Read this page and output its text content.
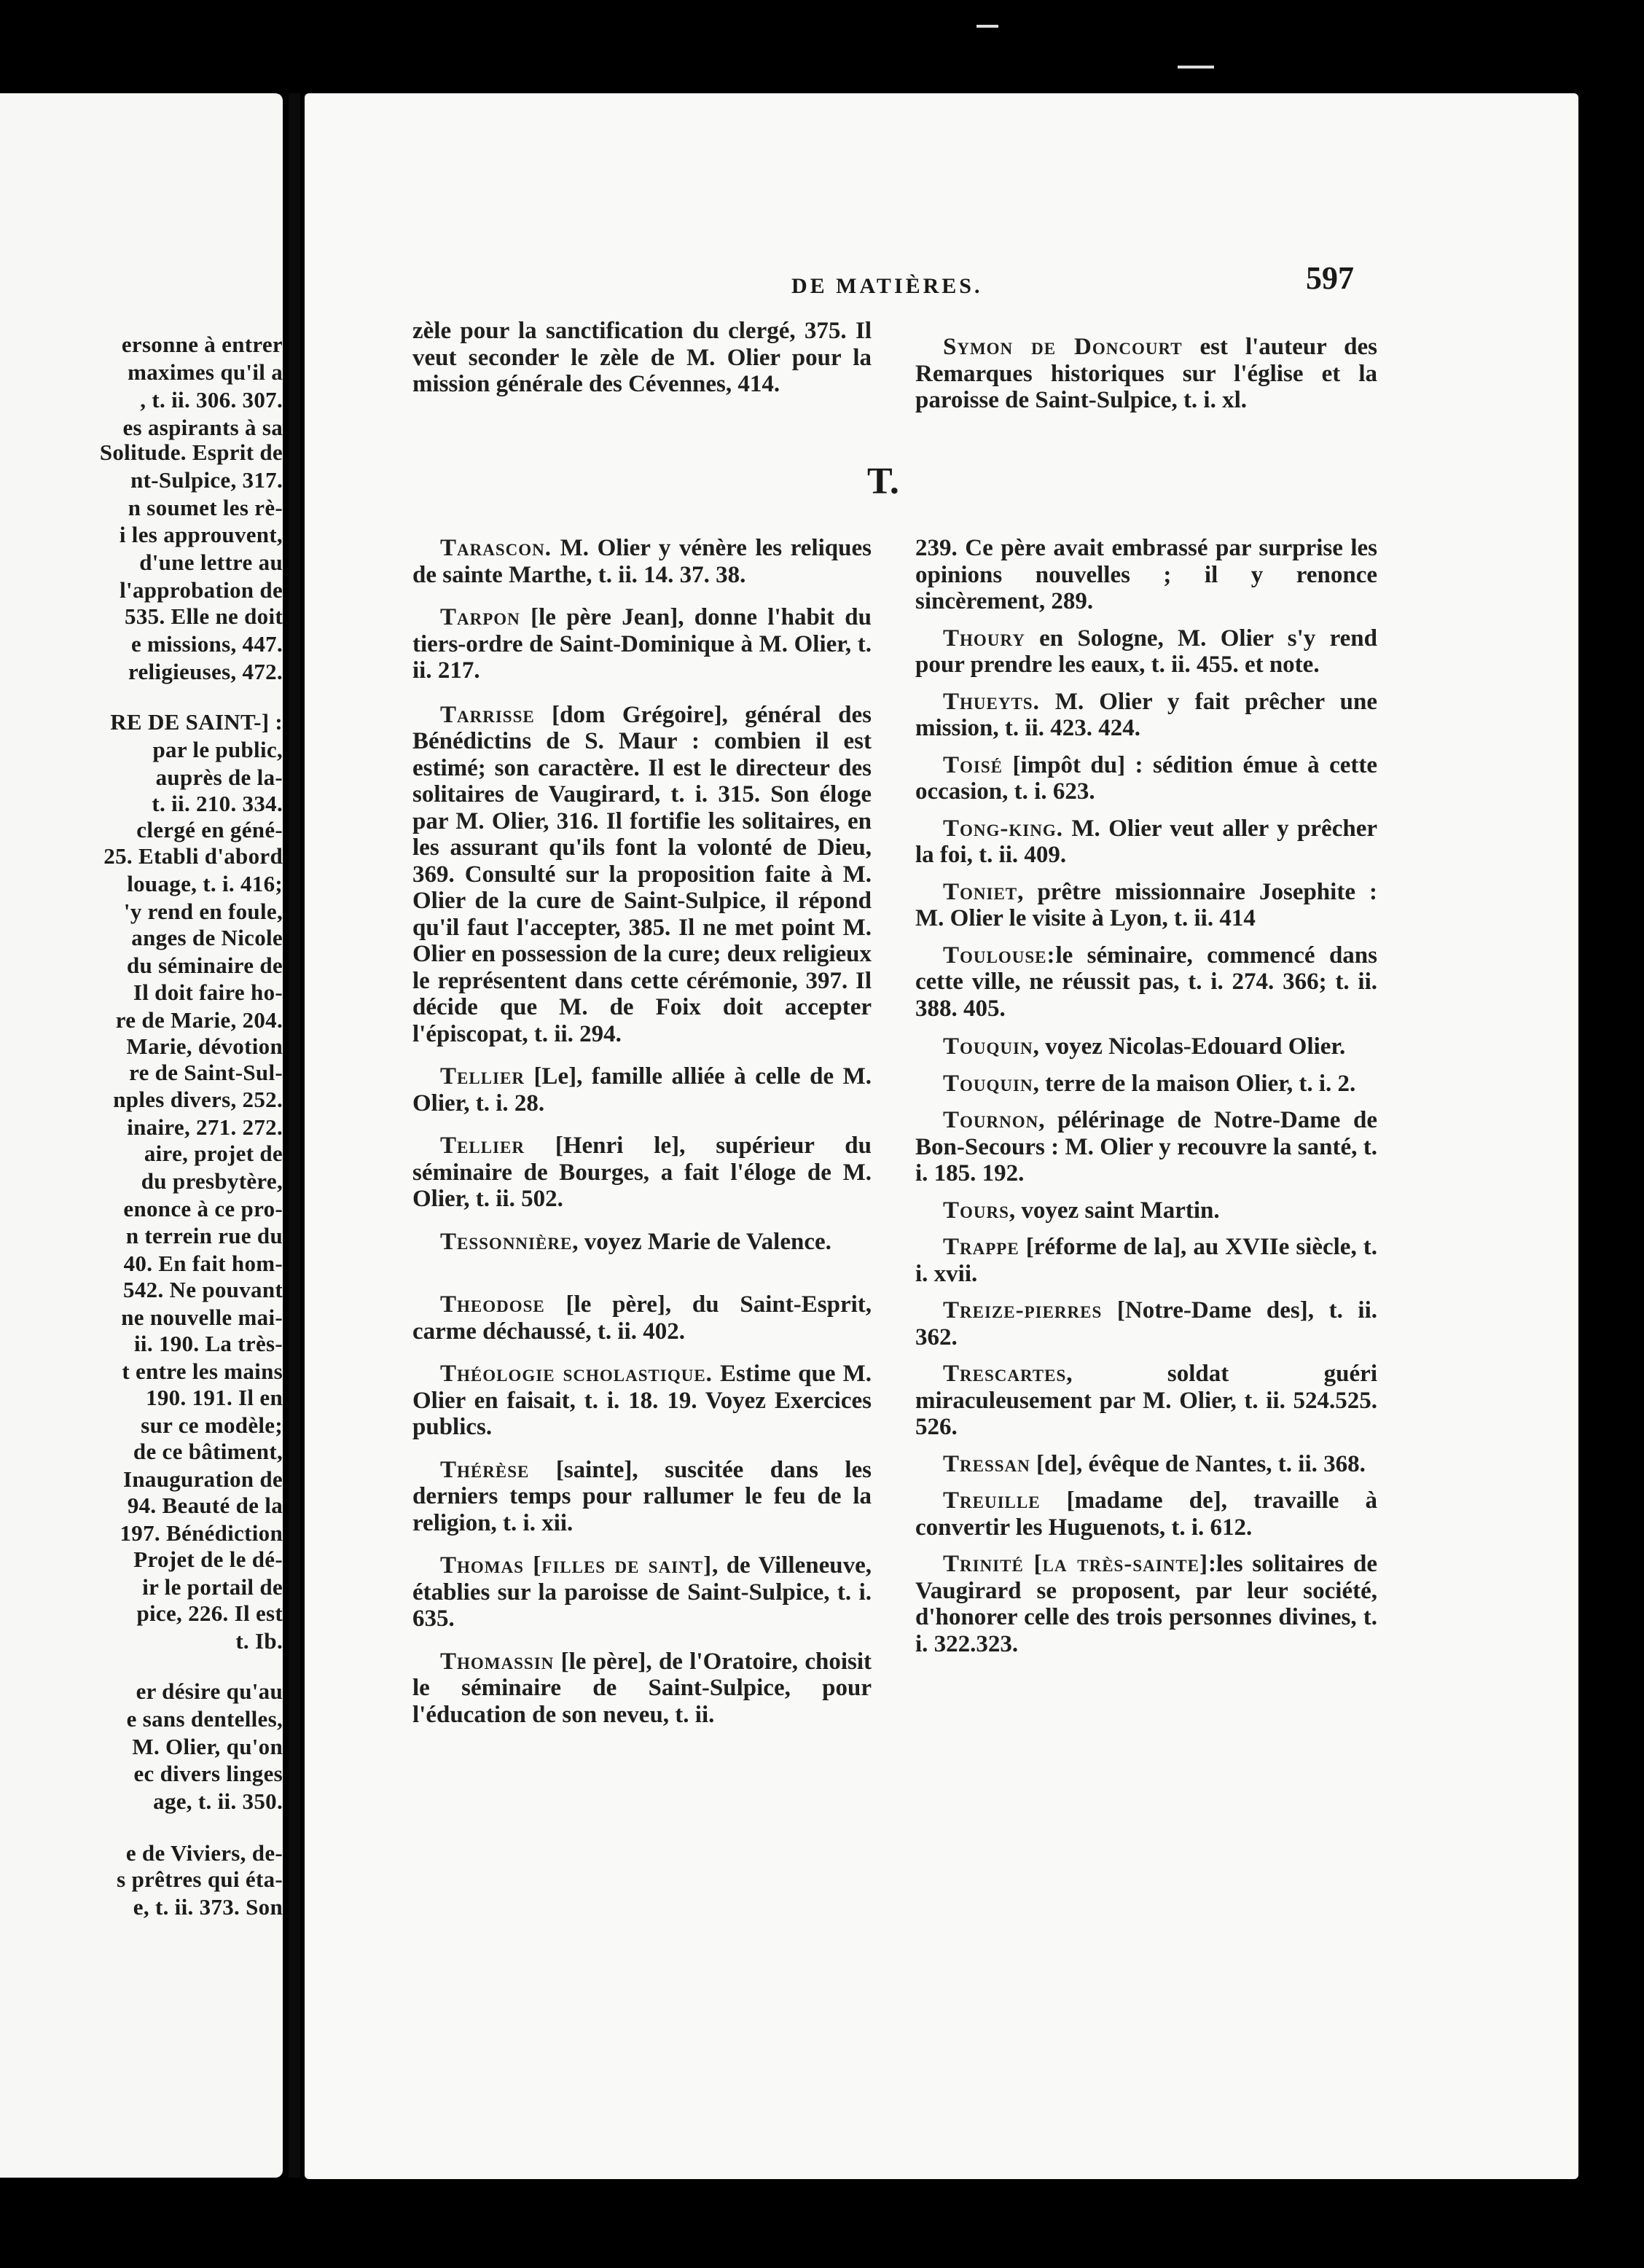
ersonne à entrer
maximes qu'il a
, t. ii. 306. 307.
es aspirants à sa
Solitude. Esprit de
nt-Sulpice, 317.
n soumet les rè-
i les approuvent,
d'une lettre au
l'approbation de
535. Elle ne doit
e missions, 447.
religieuses, 472.
RE DE SAINT-] :
par le public,
auprès de la-
t. ii. 210. 334.
clergé en géné-
25. Etabli d'abord
louage, t. i. 416;
'y rend en foule,
anges de Nicole
du séminaire de
Il doit faire ho-
re de Marie, 204.
Marie, dévotion
re de Saint-Sul-
nples divers, 252.
inaire, 271. 272.
aire, projet de
du presbytère,
enonce à ce pro-
n terrein rue du
40. En fait hom-
542. Ne pouvant
ne nouvelle mai-
ii. 190. La très-
t entre les mains
190. 191. Il en
sur ce modèle;
de ce bâtiment,
Inauguration de
94. Beauté de la
197. Bénédiction
Projet de le dé-
ir le portail de
pice, 226. Il est
t. Ib.
er désire qu'au
e sans dentelles,
M. Olier, qu'on
ec divers linges
age, t. ii. 350.
e de Viviers, de-
s prêtres qui éta-
e, t. ii. 373. Son
DE MATIÈRES.	597

zèle pour la sanctification du clergé, 375. Il veut seconder le zèle de M. Olier pour la mission générale des Cévennes, 414.

Symon de Doncourt est l'auteur des Remarques historiques sur l'église et la paroisse de Saint-Sulpice, t. i. xl.

T.

Tarascon. M. Olier y vénère les reliques de sainte Marthe, t. ii. 14. 37. 38.

Tarpon [le père Jean], donne l'habit du tiers-ordre de Saint-Dominique à M. Olier, t. ii. 217.

Tarrisse [dom Grégoire], général des Bénédictins de S. Maur : combien il est estimé; son caractère. Il est le directeur des solitaires de Vaugirard, t. i. 315. Son éloge par M. Olier, 316. Il fortifie les solitaires, en les assurant qu'ils font la volonté de Dieu, 369. Consulté sur la proposition faite à M. Olier de la cure de Saint-Sulpice, il répond qu'il faut l'accepter, 385. Il ne met point M. Olier en possession de la cure; deux religieux le représentent dans cette cérémonie, 397. Il décide que M. de Foix doit accepter l'épiscopat, t. ii. 294.

Tellier [Le], famille alliée à celle de M. Olier, t. i. 28.

Tellier [Henri le], supérieur du séminaire de Bourges, a fait l'éloge de M. Olier, t. ii. 502.

Tessonnière, voyez Marie de Valence.

Theodose [le père], du Saint-Esprit, carme déchaussé, t. ii. 402.

Théologie scholastique. Estime que M. Olier en faisait, t. i. 18. 19. Voyez Exercices publics.

Thérèse [sainte], suscitée dans les derniers temps pour rallumer le feu de la religion, t. i. xii.

Thomas [filles de saint], de Villeneuve, établies sur la paroisse de Saint-Sulpice, t. i. 635.

Thomassin [le père], de l'Oratoire, choisit le séminaire de Saint-Sulpice, pour l'éducation de son neveu, t. ii.

239. Ce père avait embrassé par surprise les opinions nouvelles ; il y renonce sincèrement, 289.

Thoury en Sologne, M. Olier s'y rend pour prendre les eaux, t. ii. 455. et note.

Thueyts. M. Olier y fait prêcher une mission, t. ii. 423. 424.

Toisé [impôt du] : sédition émue à cette occasion, t. i. 623.

Tong-king. M. Olier veut aller y prêcher la foi, t. ii. 409.

Toniet, prêtre missionnaire Josephite : M. Olier le visite à Lyon, t. ii. 414

Toulouse:le séminaire, commencé dans cette ville, ne réussit pas, t. i. 274. 366; t. ii. 388. 405.

Touquin, voyez Nicolas-Edouard Olier.

Touquin, terre de la maison Olier, t. i. 2.

Tournon, pélérinage de Notre-Dame de Bon-Secours : M. Olier y recouvre la santé, t. i. 185. 192.

Tours, voyez saint Martin.

Trappe [réforme de la], au XVIIe siècle, t. i. xvii.

Treize-pierres [Notre-Dame des], t. ii. 362.

Trescartes, soldat guéri miraculeusement par M. Olier, t. ii. 524.525. 526.

Tressan [de], évêque de Nantes, t. ii. 368.

Treuille [madame de], travaille à convertir les Huguenots, t. i. 612.

Trinité [la très-sainte]:les solitaires de Vaugirard se proposent, par leur société, d'honorer celle des trois personnes divines, t. i. 322.323.
